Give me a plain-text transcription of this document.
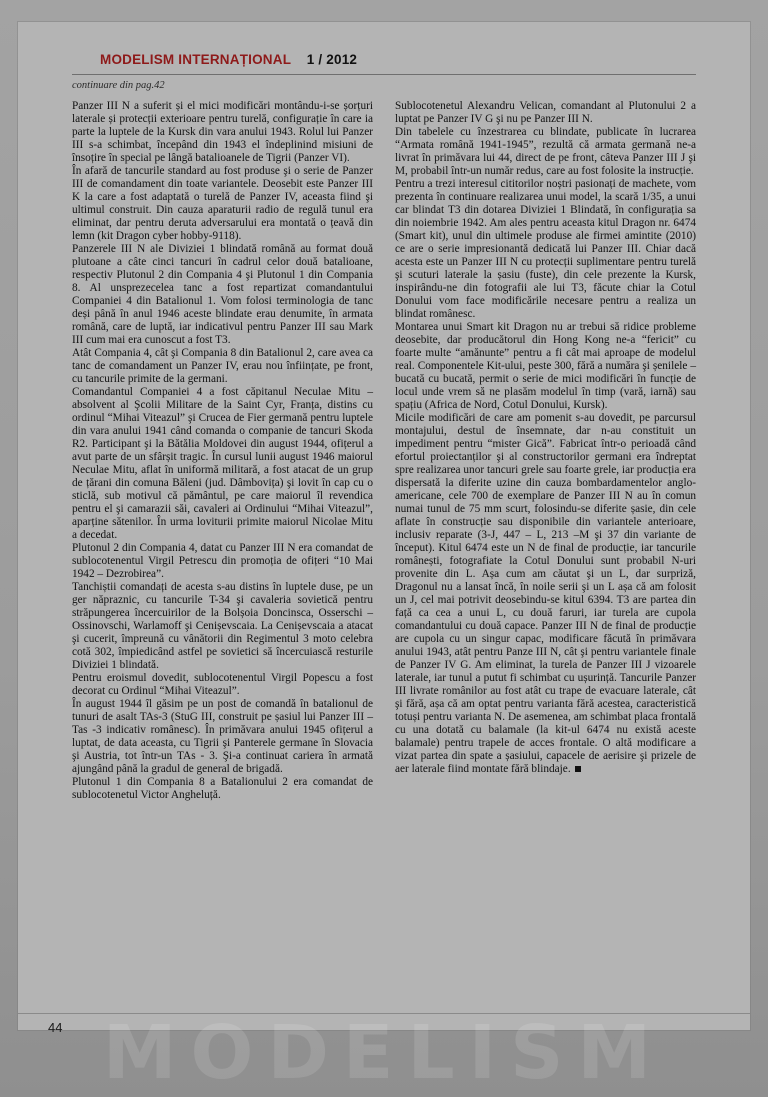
MODELISM INTERNAȚIONAL 1 / 2012
continuare din pag.42

Panzer III N a suferit și el mici modificări montându-i-se șorțuri laterale și protecții exterioare pentru turelă, configurație în care ia parte la luptele de la Kursk din vara anului 1943. Rolul lui Panzer III s-a schimbat, începând din 1943 el îndeplinind misiuni de însoțire în special pe lângă batalioanele de Tigrii (Panzer VI).

În afară de tancurile standard au fost produse şi o serie de Panzer III de comandament din toate variantele. Deosebit este Panzer III K la care a fost adaptată o turelă de Panzer IV, aceasta fiind şi ultimul construit. Din cauza aparaturii radio de regulă tunul era eliminat, dar pentru deruta adversarului era montată o țeavă din lemn (kit Dragon cyber hobby-9118).

Panzerele III N ale Diviziei 1 blindată română au format două plutoane a câte cinci tancuri în cadrul celor două batalioane, respectiv Plutonul 2 din Compania 4 şi Plutonul 1 din Compania 8. Al unsprezecelea tanc a fost repartizat comandantului Companiei 4 din Batalionul 1. Vom folosi terminologia de tanc deși până în anul 1946 aceste blindate erau denumite, în armata română, care de luptă, iar indicativul pentru Panzer III sau Mark III cum mai era cunoscut a fost T3.

Atât Compania 4, cât şi Compania 8 din Batalionul 2, care avea ca tanc de comandament un Panzer IV, erau nou înființate, pe front, cu tancurile primite de la germani.

Comandantul Companiei 4 a fost căpitanul Neculae Mitu – absolvent al Şcolii Militare de la Saint Cyr, Franța, distins cu ordinul “Mihai Viteazul” şi Crucea de Fier germană pentru luptele din vara anului 1941 când comanda o companie de tancuri Skoda R2. Participant şi la Bătălia Moldovei din august 1944, ofițerul a avut parte de un sfârșit tragic. În cursul lunii august 1946 maiorul Neculae Mitu, aflat în uniformă militară, a fost atacat de un grup de țărani din comuna Băleni (jud. Dâmbovița) şi lovit în cap cu o sticlă, sub motivul că pământul, pe care maiorul îl revendica pentru el şi camarazii săi, cavaleri ai Ordinului “Mihai Viteazul”, aparține sătenilor. În urma loviturii primite maiorul Nicolae Mitu a decedat.

Plutonul 2 din Compania 4, datat cu Panzer III N era comandat de sublocotenentul Virgil Petrescu din promoția de ofițeri “10 Mai 1942 – Dezrobirea”.

Tanchiștii comandați de acesta s-au distins în luptele duse, pe un ger năpraznic, cu tancurile T-34 şi cavaleria sovietică pentru străpungerea încercuirilor de la Bolșoia Doncinsca, Osserschi – Ossinovschi, Warlamoff şi Cenișevscaia. La Cenișevscaia a atacat şi cucerit, împreună cu vânătorii din Regimentul 3 moto celebra cotă 302, împiedicând astfel pe sovietici să încercuiască resturile Diviziei 1 blindată.

Pentru eroismul dovedit, sublocotenentul Virgil Popescu a fost decorat cu Ordinul “Mihai Viteazul”.

În august 1944 îl găsim pe un post de comandă în batalionul de tunuri de asalt TAs-3 (StuG III, construit pe șasiul lui Panzer III – Tas -3 indicativ românesc). În primăvara anului 1945 ofițerul a luptat, de data aceasta, cu Tigrii şi Panterele germane în Slovacia şi Austria, tot într-un TAs - 3. Şi-a continuat cariera în armată ajungând până la gradul de general de brigadă.

Plutonul 1 din Compania 8 a Batalionului 2 era comandat de sublocotenetul Victor Angheluță.

Sublocotenetul Alexandru Velican, comandant al Plutonului 2 a luptat pe Panzer IV G şi nu pe Panzer III N.

Din tabelele cu înzestrarea cu blindate, publicate în lucrarea “Armata română 1941-1945”, rezultă că armata germană ne-a livrat în primăvara lui 44, direct de pe front, câteva Panzer III J şi M, probabil într-un număr redus, care au fost folosite la instrucție.

Pentru a trezi interesul cititorilor noștri pasionați de machete, vom prezenta în continuare realizarea unui model, la scară 1/35, a unui car blindat T3 din dotarea Diviziei 1 Blindată, în configurația sa din noiembrie 1942. Am ales pentru aceasta kitul Dragon nr. 6474 (Smart kit), unul din ultimele produse ale firmei amintite (2010) ce are o serie impresionantă dedicată lui Panzer III. Chiar dacă acesta este un Panzer III N cu protecții suplimentare pentru turelă şi scuturi laterale la șasiu (fuste), din cele prezente la Kursk, inspirându-ne din fotografii ale lui T3, făcute chiar la Cotul Donului vom face modificările necesare pentru a realiza un blindat românesc.

Montarea unui Smart kit Dragon nu ar trebui să ridice probleme deosebite, dar producătorul din Hong Kong ne-a “fericit” cu foarte multe “amănunte” pentru a fi cât mai aproape de modelul real. Componentele Kit-ului, peste 300, fără a număra şi șenilele – bucată cu bucată, permit o serie de mici modificări în funcție de locul unde vrem să ne plasăm modelul în timp (vară, iarnă) sau spațiu (Africa de Nord, Cotul Donului, Kursk).

Micile modificări de care am pomenit s-au dovedit, pe parcursul montajului, destul de însemnate, dar n-au constituit un impediment pentru “mister Gică”. Fabricat într-o perioadă când efortul proiectanților şi al constructorilor germani era îndreptat spre realizarea unor tancuri grele sau foarte grele, iar producția era dispersată la diferite uzine din cauza bombardamentelor anglo-americane, cele 700 de exemplare de Panzer III N au în comun numai tunul de 75 mm scurt, folosindu-se diferite șasie, din cele aflate în construcție sau disponibile din variantele anterioare, inclusiv reparate (3-J, 447 – L, 213 –M şi 37 din variante de început). Kitul 6474 este un N de final de producție, iar tancurile românești, fotografiate la Cotul Donului sunt probabil N-uri provenite din L. Așa cum am căutat şi un L, dar surpriză, Dragonul nu a lansat încă, în noile serii şi un L așa că am folosit un J, cel mai potrivit deosebindu-se kitul 6394. T3 are partea din față ca cea a unui L, cu două faruri, iar turela are cupola comandantului cu două capace. Panzer III N de final de producție are cupola cu un singur capac, modificare făcută în primăvara anului 1943, atât pentru Panze III N, cât şi pentru variantele finale de Panzer IV G. Am eliminat, la turela de Panzer III J vizoarele laterale, iar tunul a putut fi schimbat cu ușurință. Tancurile Panzer III livrate românilor au fost atât cu trape de evacuare laterale, cât şi fără, așa că am optat pentru varianta fără acestea, caracteristică totuși pentru varianta N. De asemenea, am schimbat placa frontală cu una dotată cu balamale (la kit-ul 6474 nu există aceste balamale) pentru trapele de acces frontale. O altă modificare a vizat partea din spate a șasiului, capacele de aerisire şi prizele de aer laterale fiind montate fără blindaje.

44 MODELISM
